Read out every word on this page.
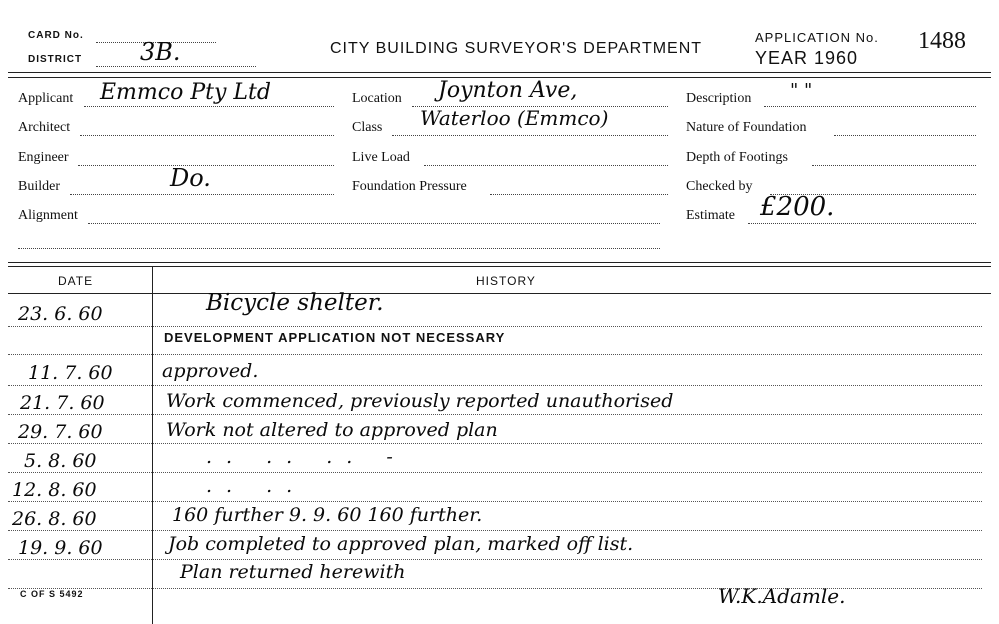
CARD No.
DISTRICT 3B.	CITY BUILDING SURVEYOR'S DEPARTMENT
APPLICATION No.
YEAR 1960
1488
Applicant Emmco Pty Ltd
Architect
Engineer
Builder	Do.
Alignment
Location Joynton Ave,
Class Waterloo (Emmco)
Live Load
Foundation Pressure
Description " "
Nature of Foundation
Depth of Footings
Checked by
Estimate £200.
DATE	HISTORY
23. 6. 60	Bicycle shelter.
DEVELOPMENT APPLICATION NOT NECESSARY
11. 7. 60	approved.
21. 7. 60	Work commenced, previously reported unauthorised
29. 7. 60	Work not altered to approved plan
5. 8. 60	.. .. .. -
12. 8. 60	.. ..
26. 8. 60	160 further 9. 9. 60 160 further.
19. 9. 60	Job completed to approved plan, marked off list.
Plan returned herewith
C OF S 5492	W.K.Adamle.
